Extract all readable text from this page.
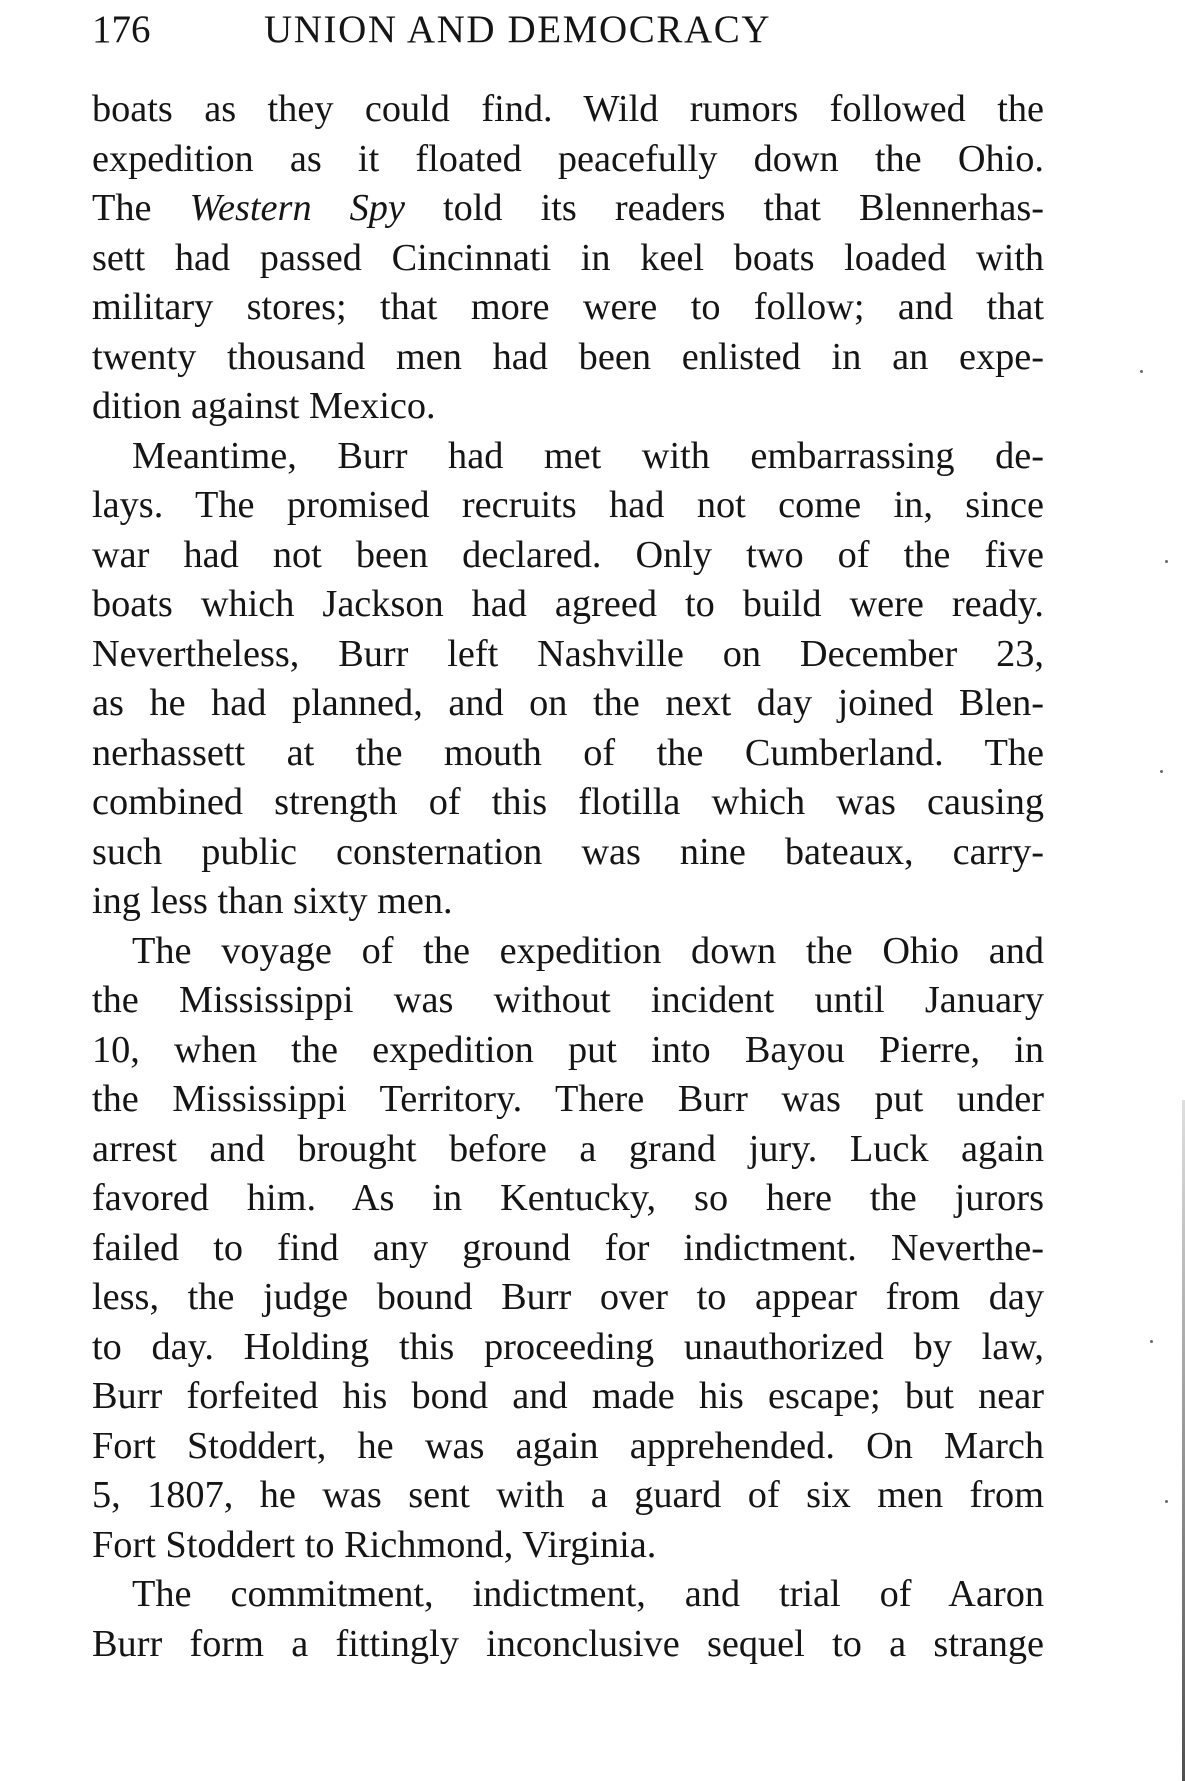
176	UNION AND DEMOCRACY
boats as they could find. Wild rumors followed the
expedition as it floated peacefully down the Ohio.
The Western Spy told its readers that Blennerhas-
sett had passed Cincinnati in keel boats loaded with
military stores; that more were to follow; and that
twenty thousand men had been enlisted in an expe-
dition against Mexico.
Meantime, Burr had met with embarrassing de-
lays. The promised recruits had not come in, since
war had not been declared. Only two of the five
boats which Jackson had agreed to build were ready.
Nevertheless, Burr left Nashville on December 23,
as he had planned, and on the next day joined Blen-
nerhassett at the mouth of the Cumberland. The
combined strength of this flotilla which was causing
such public consternation was nine bateaux, carry-
ing less than sixty men.
The voyage of the expedition down the Ohio and
the Mississippi was without incident until January
10, when the expedition put into Bayou Pierre, in
the Mississippi Territory. There Burr was put under
arrest and brought before a grand jury. Luck again
favored him. As in Kentucky, so here the jurors
failed to find any ground for indictment. Neverthe-
less, the judge bound Burr over to appear from day
to day. Holding this proceeding unauthorized by law,
Burr forfeited his bond and made his escape; but near
Fort Stoddert, he was again apprehended. On March
5, 1807, he was sent with a guard of six men from
Fort Stoddert to Richmond, Virginia.
The commitment, indictment, and trial of Aaron
Burr form a fittingly inconclusive sequel to a strange
